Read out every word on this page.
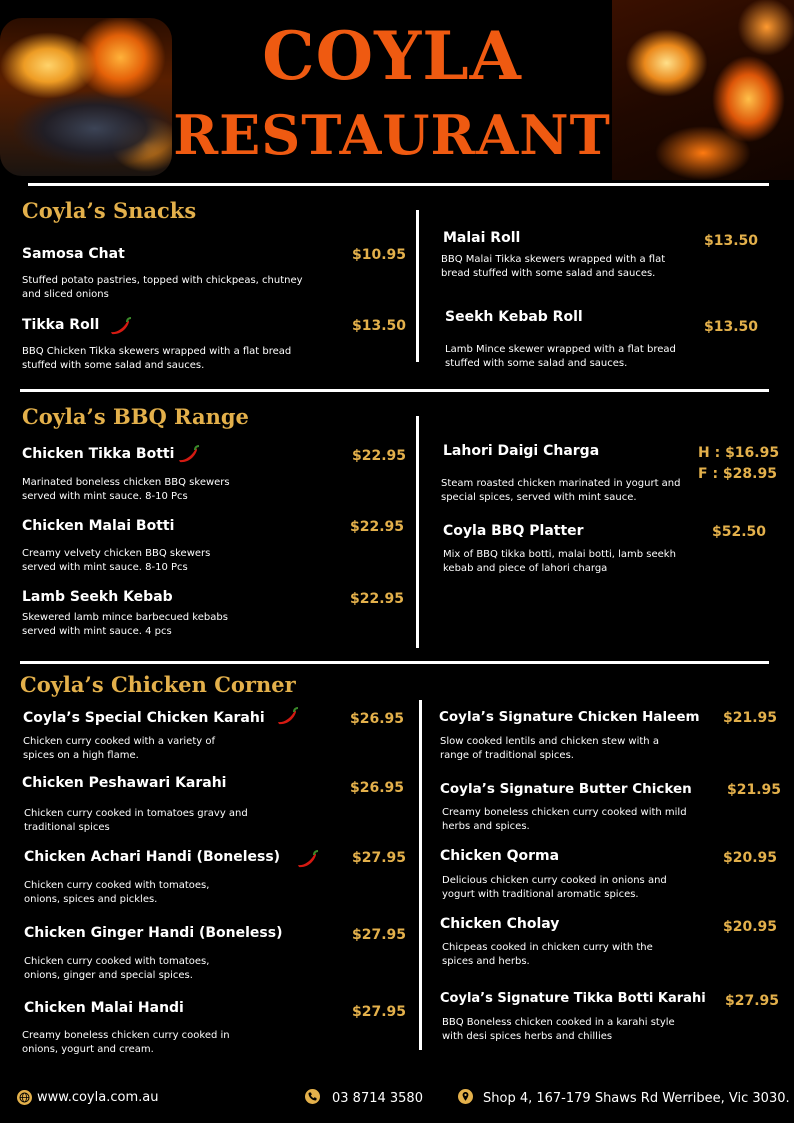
COYLA
RESTAURANT
Coyla’s Snacks
Samosa Chat	$10.95
Stuffed potato pastries, topped with chickpeas, chutney and sliced onions
Tikka Roll	$13.50
BBQ Chicken Tikka skewers wrapped with a flat bread stuffed with some salad and sauces.
Malai Roll	$13.50
BBQ Malai Tikka skewers wrapped with a flat bread stuffed with some salad and sauces.
Seekh Kebab Roll
$13.50
Lamb Mince skewer wrapped with a flat bread stuffed with some salad and sauces.
Coyla’s BBQ Range
Chicken Tikka Botti	$22.95
Marinated boneless chicken BBQ skewers served with mint sauce. 8-10 Pcs
Chicken Malai Botti	$22.95
Creamy velvety chicken BBQ skewers served with mint sauce. 8-10 Pcs
Lamb Seekh Kebab	$22.95
Skewered lamb mince barbecued kebabs served with mint sauce. 4 pcs
Lahori Daigi Charga	H : $16.95
F : $28.95
Steam roasted chicken marinated in yogurt and special spices, served with mint sauce.
Coyla BBQ Platter	$52.50
Mix of BBQ tikka botti, malai botti, lamb seekh kebab and piece of lahori charga
Coyla’s Chicken Corner
Coyla’s Special Chicken Karahi	$26.95
Chicken curry cooked with a variety of spices on a high flame.
Chicken Peshawari Karahi	$26.95
Chicken curry cooked in tomatoes gravy and traditional spices
Chicken Achari Handi (Boneless)	$27.95
Chicken curry cooked with tomatoes, onions, spices and pickles.
Chicken Ginger Handi (Boneless)	$27.95
Chicken curry cooked with tomatoes, onions, ginger and special spices.
Chicken Malai Handi	$27.95
Creamy boneless chicken curry cooked in onions, yogurt and cream.
Coyla’s Signature Chicken Haleem $21.95
Slow cooked lentils and chicken stew with a range of traditional spices.
Coyla’s Signature Butter Chicken	$21.95
Creamy boneless chicken curry cooked with mild herbs and spices.
Chicken Qorma	$20.95
Delicious chicken curry cooked in onions and yogurt with traditional aromatic spices.
Chicken Cholay	$20.95
Chicpeas cooked in chicken curry with the spices and herbs.
Coyla’s Signature Tikka Botti Karahi $27.95
BBQ Boneless chicken cooked in a karahi style with desi spices herbs and chillies
www.coyla.com.au	03 8714 3580	Shop 4, 167-179 Shaws Rd Werribee, Vic 3030.
